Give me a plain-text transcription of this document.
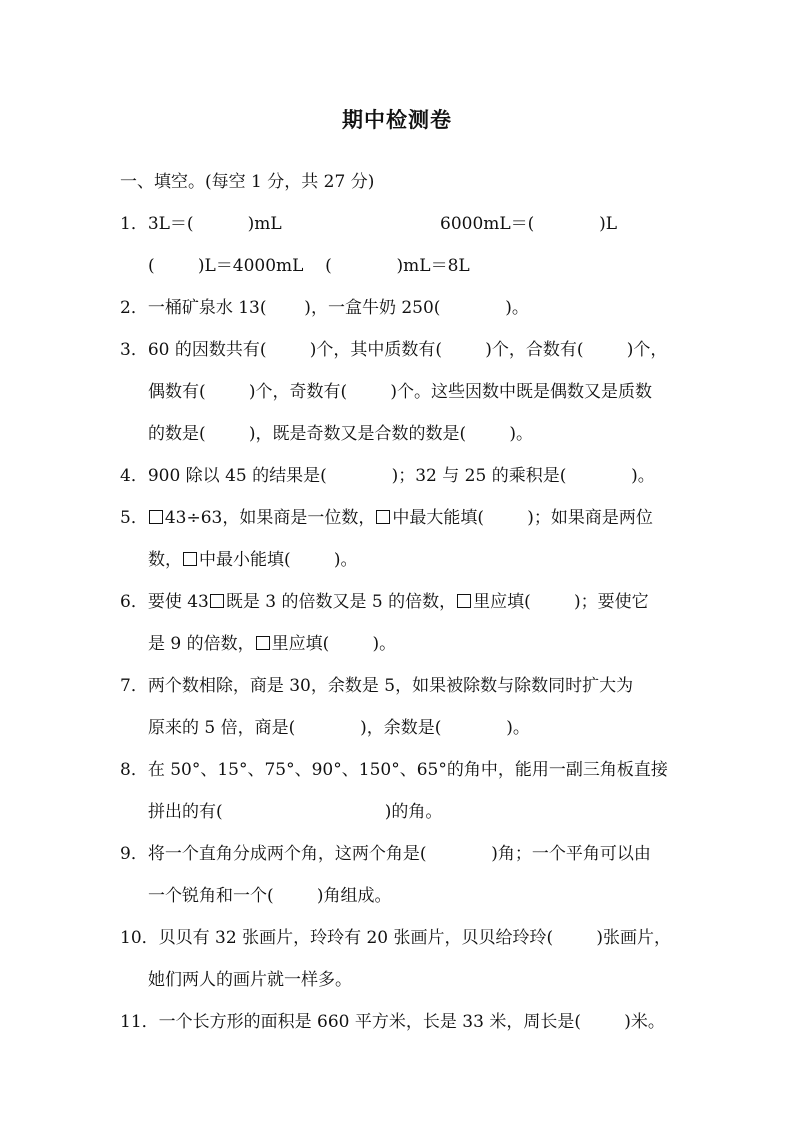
期中检测卷
一、填空。(每空 1 分，共 27 分)
1．3L＝(          )mL	6000mL＝(            )L
(        )L＝4000mL    (            )mL＝8L
2．一桶矿泉水 13(       )，一盒牛奶 250(            )。
3．60 的因数共有(        )个，其中质数有(        )个，合数有(        )个，
偶数有(        )个，奇数有(        )个。这些因数中既是偶数又是质数
的数是(        )，既是奇数又是合数的数是(        )。
4．900 除以 45 的结果是(            )；32 与 25 的乘积是(            )。
5． 43÷63，如果商是一位数， 中最大能填(        )；如果商是两位
数， 中最小能填(        )。
6．要使 43 既是 3 的倍数又是 5 的倍数， 里应填(        )；要使它
是 9 的倍数， 里应填(        )。
7．两个数相除，商是 30，余数是 5，如果被除数与除数同时扩大为
原来的 5 倍，商是(            )，余数是(            )。
8．在 50°、15°、75°、90°、150°、65°的角中，能用一副三角板直接
拼出的有(                              )的角。
9．将一个直角分成两个角，这两个角是(            )角；一个平角可以由
一个锐角和一个(        )角组成。
10．贝贝有 32 张画片，玲玲有 20 张画片，贝贝给玲玲(        )张画片，
她们两人的画片就一样多。
11．一个长方形的面积是 660 平方米，长是 33 米，周长是(        )米。
